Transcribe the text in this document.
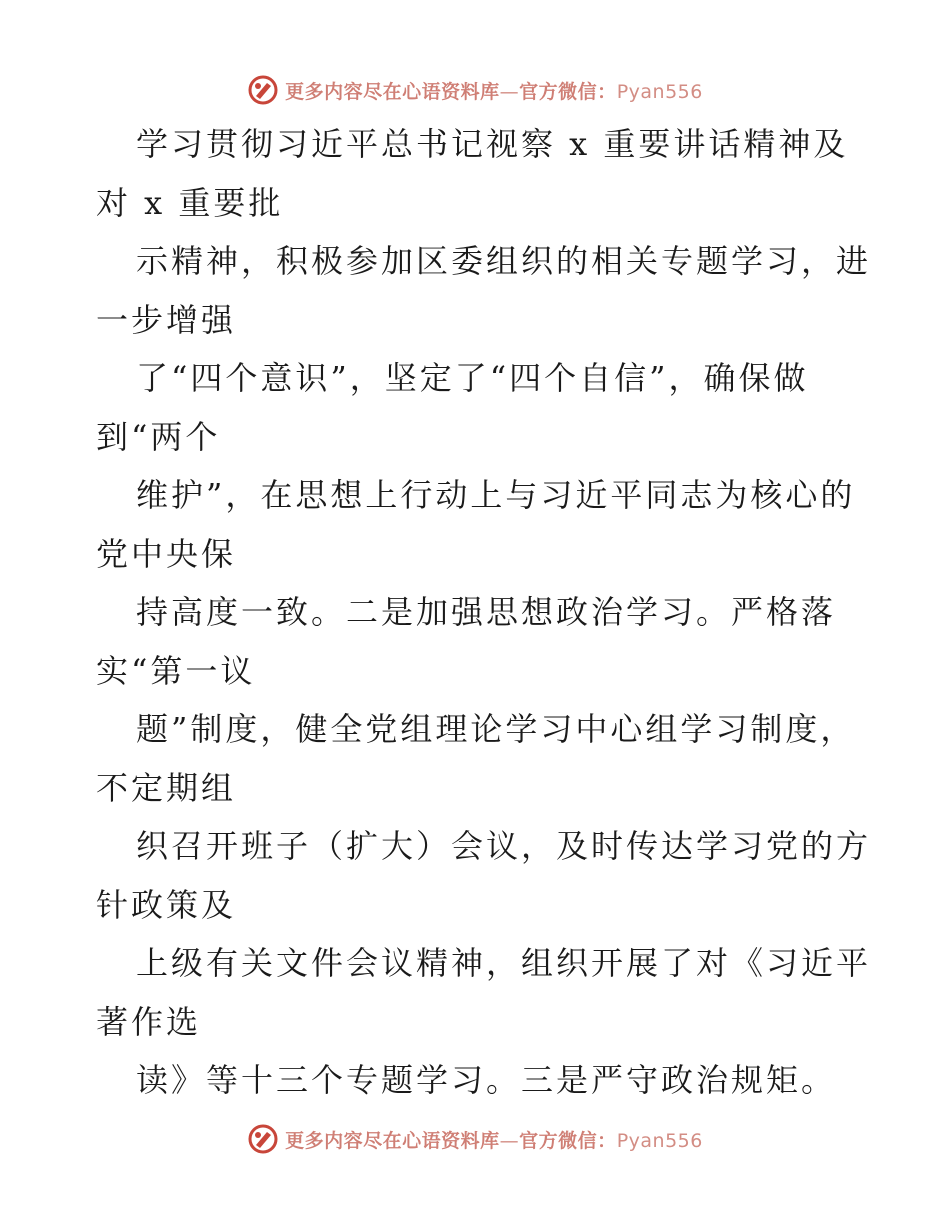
更多内容尽在心语资料库—官方微信：Pyan556
学习贯彻习近平总书记视察 x 重要讲话精神及
对 x 重要批
示精神，积极参加区委组织的相关专题学习，进
一步增强
了“四个意识”，坚定了“四个自信”，确保做
到“两个
维护”，在思想上行动上与习近平同志为核心的
党中央保
持高度一致。二是加强思想政治学习。严格落
实“第一议
题”制度，健全党组理论学习中心组学习制度，
不定期组
织召开班子（扩大）会议，及时传达学习党的方
针政策及
上级有关文件会议精神，组织开展了对《习近平
著作选
读》等十三个专题学习。三是严守政治规矩。
更多内容尽在心语资料库—官方微信：Pyan556
